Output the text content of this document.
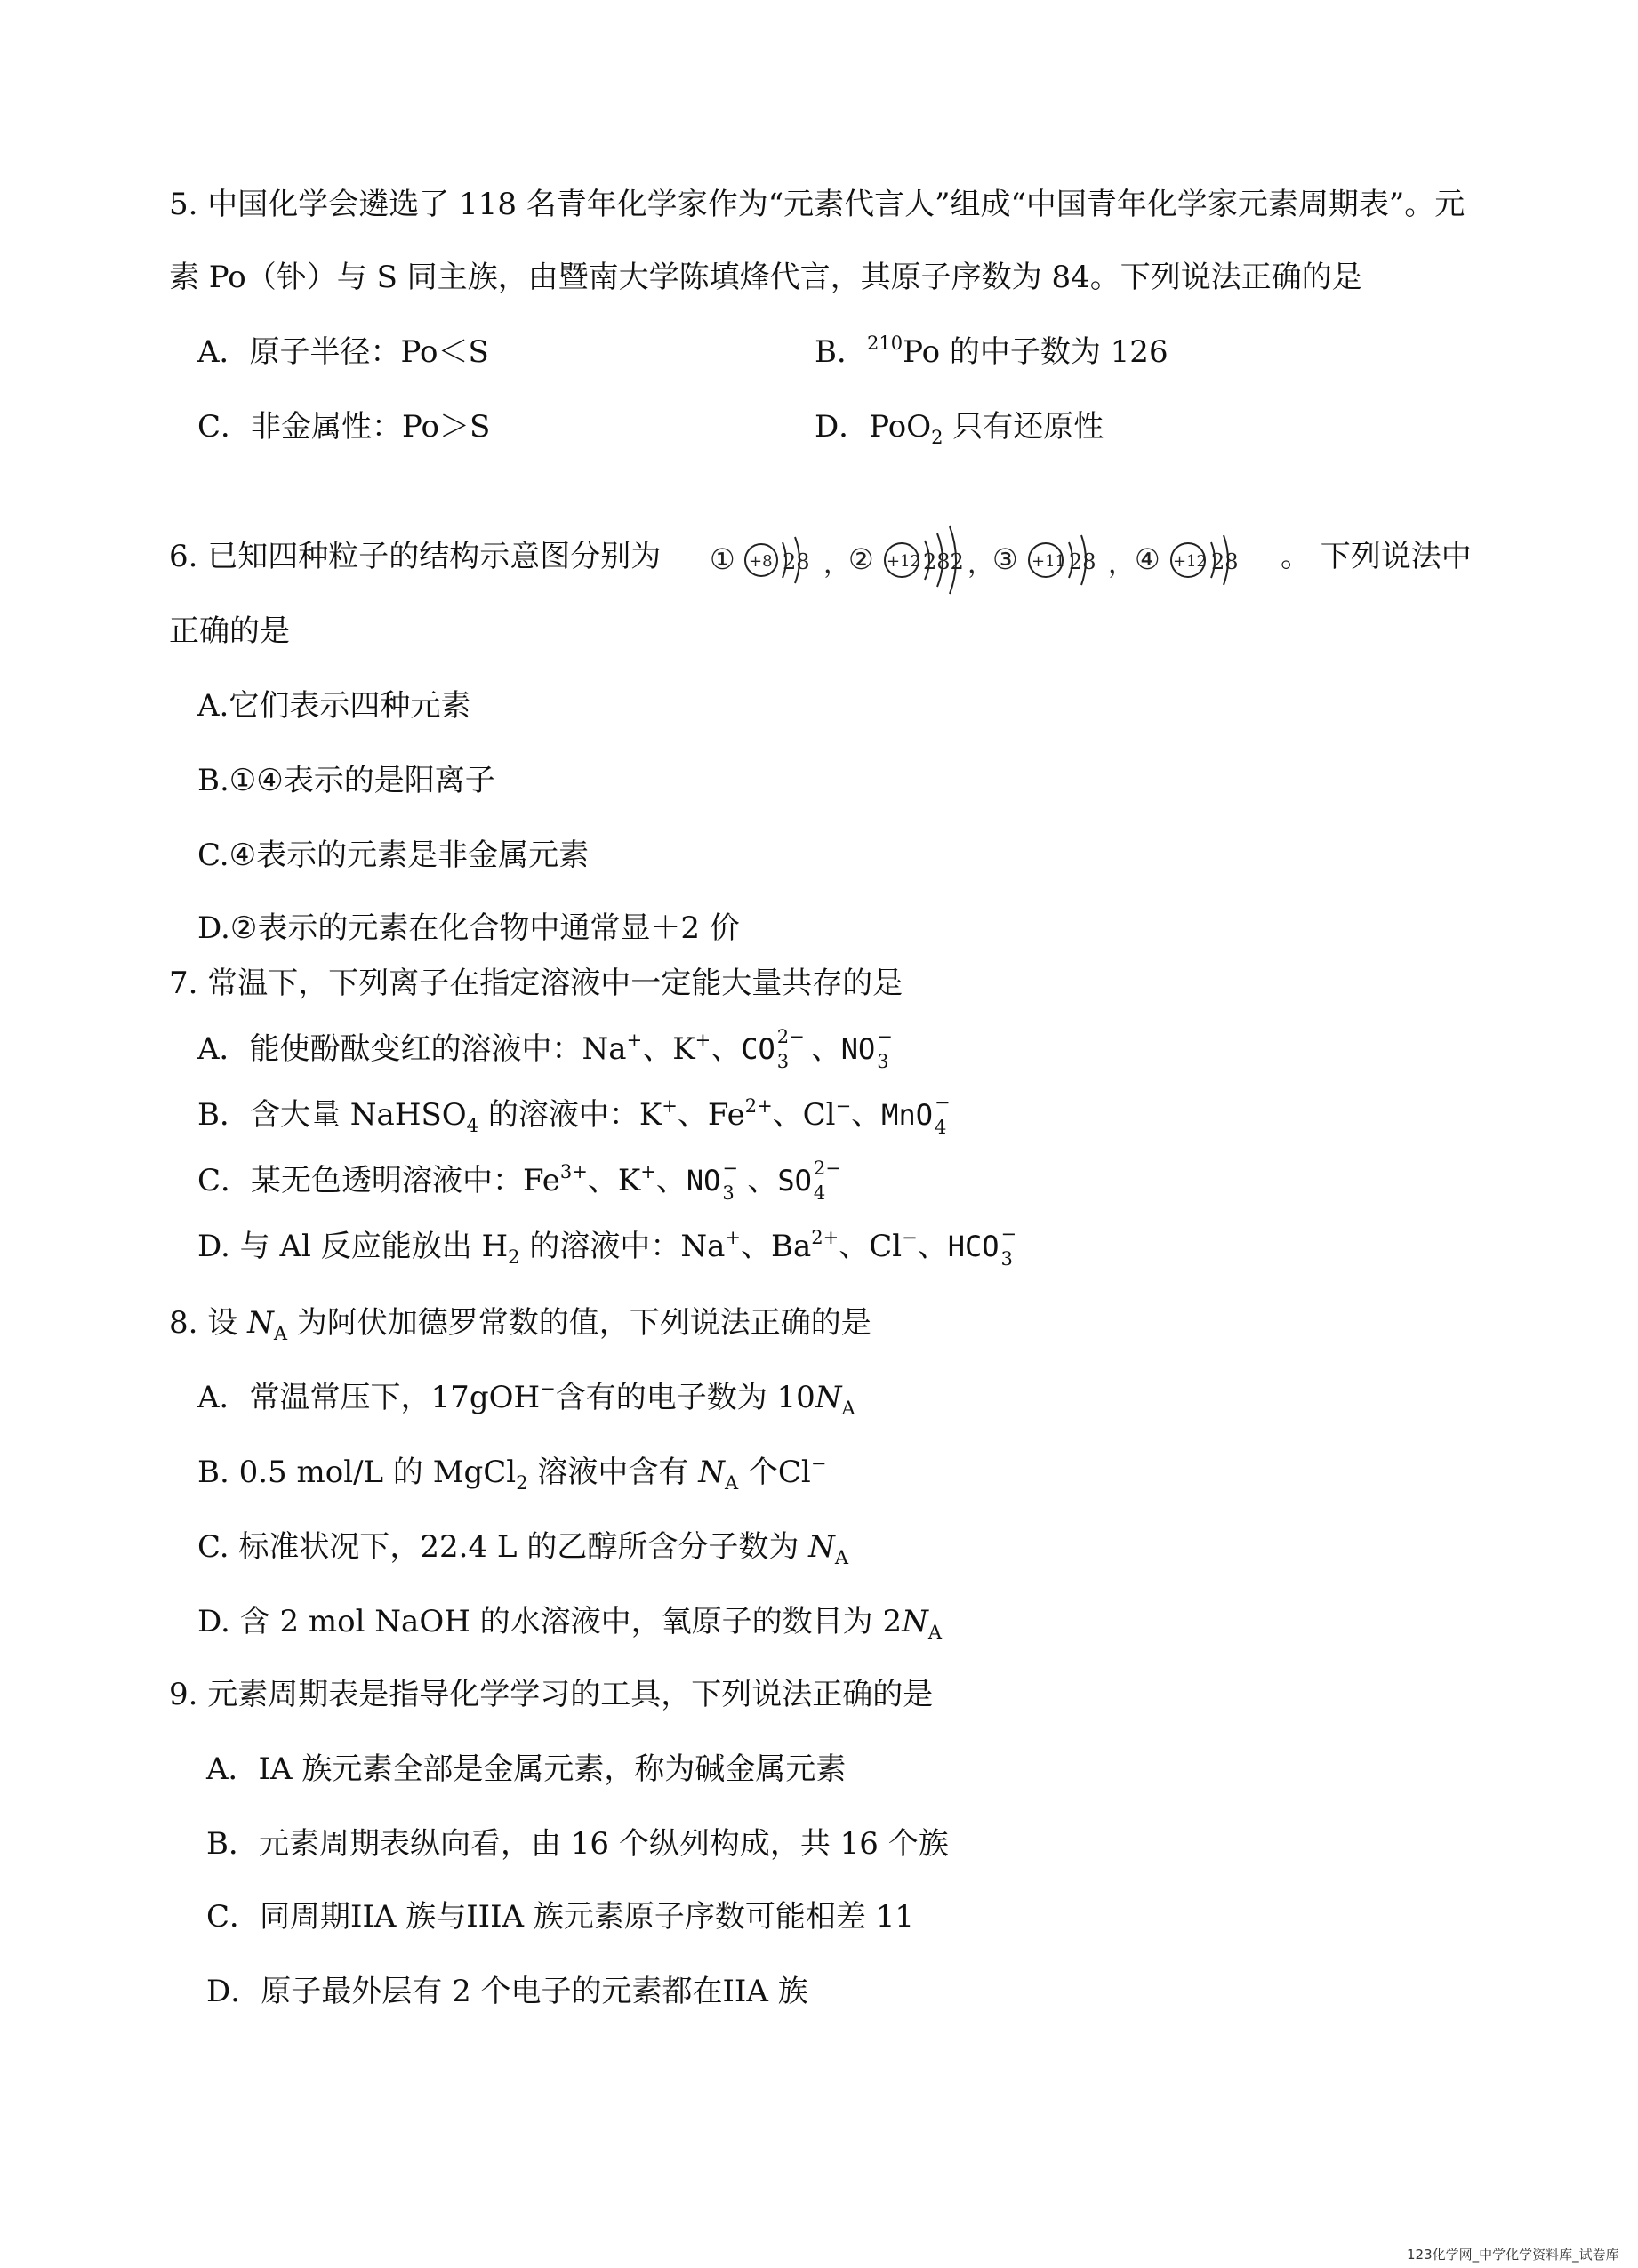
5. 中国化学会遴选了 118 名青年化学家作为“元素代言人”组成“中国青年化学家元素周期表”。元
素 Po（钋）与 S 同主族，由暨南大学陈填烽代言，其原子序数为 84。下列说法正确的是
A．原子半径：Po＜S	B．$^{210}$Po 的中子数为 126
C．非金属性：Po＞S	D．PoO$_2$ 只有还原性
6. 已知四种粒子的结构示意图分别为	。 下列说法中
① +8 28 ，
② +12 282 ，
③ +11 28 ， ④ +12 28
正确的是
A.它们表示四种元素
B.①④表示的是阳离子
C.④表示的元素是非金属元素
D.②表示的元素在化合物中通常显＋2 价
7. 常温下，下列离子在指定溶液中一定能大量共存的是
A．能使酚酞变红的溶液中：Na+、K+、CO 2−
3 、NO −
3
B．含大量 NaHSO$_4$ 的溶液中：K+、$Fe^{2+}$、Cl−、MnO −
4
C．某无色透明溶液中：$Fe^{3+}$、K+、NO −
3 、SO 2−
4
D. 与 Al 反应能放出 $H_2$ 的溶液中：Na+、$Ba^{2+}$、Cl−、HCO −
3
8. 设 $N_A$ 为阿伏加德罗常数的值，下列说法正确的是
A．常温常压下，17gOH−含有的电子数为 $10N_A$
B. 0.5 mol/L 的 MgCl$_2$ 溶液中含有 $N_A$ 个Cl−
C. 标准状况下，22.4 L 的乙醇所含分子数为 $N_A$
D. 含 2 mol NaOH 的水溶液中，氧原子的数目为 $2N_A$
9. 元素周期表是指导化学学习的工具，下列说法正确的是
A．IA 族元素全部是金属元素，称为碱金属元素
B．元素周期表纵向看，由 16 个纵列构成，共 16 个族
C．同周期IIA 族与IIIA 族元素原子序数可能相差 11
D．原子最外层有 2 个电子的元素都在IIA 族
123化学网_中学化学资料库_试卷库
